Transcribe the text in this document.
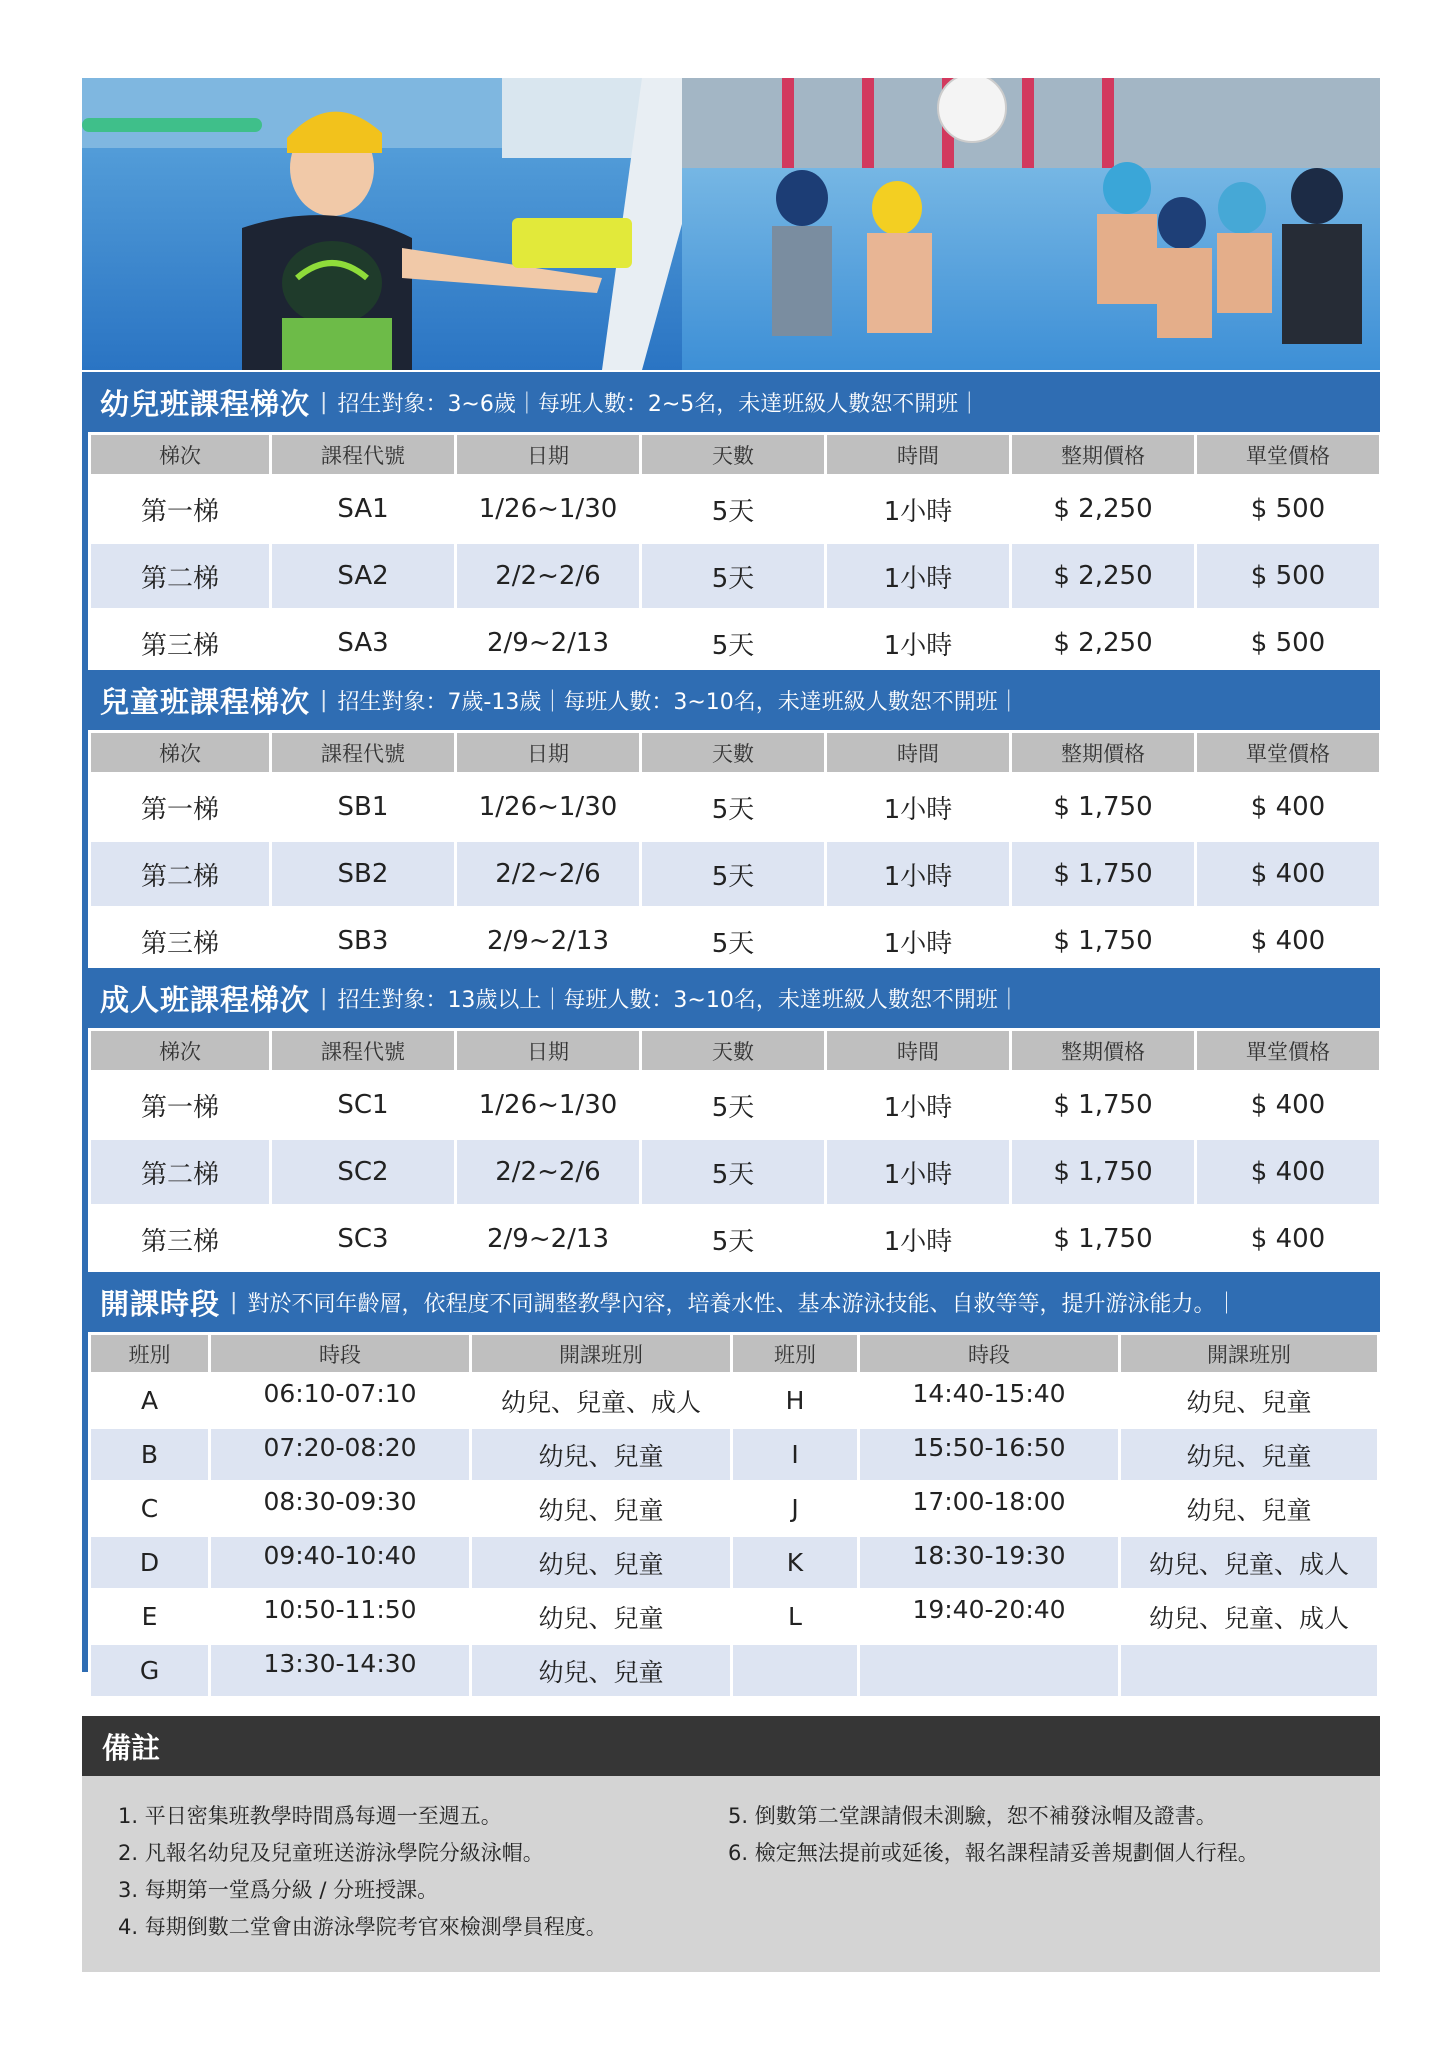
幼兒班課程梯次 | 招生對象：3~6歲｜每班人數：2~5名，未達班級人數恕不開班｜
梯次	課程代號	日期	天數	時間	整期價格	單堂價格
第一梯	SA1	1/26~1/30	5天	1小時	$ 2,250	$ 500
第二梯	SA2	2/2~2/6	5天	1小時	$ 2,250	$ 500
第三梯	SA3	2/9~2/13	5天	1小時	$ 2,250	$ 500
兒童班課程梯次 | 招生對象：7歲-13歲｜每班人數：3~10名，未達班級人數恕不開班｜
梯次	課程代號	日期	天數	時間	整期價格	單堂價格
第一梯	SB1	1/26~1/30	5天	1小時	$ 1,750	$ 400
第二梯	SB2	2/2~2/6	5天	1小時	$ 1,750	$ 400
第三梯	SB3	2/9~2/13	5天	1小時	$ 1,750	$ 400
成人班課程梯次 | 招生對象：13歲以上｜每班人數：3~10名，未達班級人數恕不開班｜
梯次	課程代號	日期	天數	時間	整期價格	單堂價格
第一梯	SC1	1/26~1/30	5天	1小時	$ 1,750	$ 400
第二梯	SC2	2/2~2/6	5天	1小時	$ 1,750	$ 400
第三梯	SC3	2/9~2/13	5天	1小時	$ 1,750	$ 400
開課時段 | 對於不同年齡層，依程度不同調整教學內容，培養水性、基本游泳技能、自救等等，提升游泳能力。｜
班別	時段	開課班別	班別	時段	開課班別
A	06:10-07:10	幼兒、兒童、成人	H	14:40-15:40	幼兒、兒童
B	07:20-08:20	幼兒、兒童	I	15:50-16:50	幼兒、兒童
C	08:30-09:30	幼兒、兒童	J	17:00-18:00	幼兒、兒童
D	09:40-10:40	幼兒、兒童	K	18:30-19:30	幼兒、兒童、成人
E	10:50-11:50	幼兒、兒童	L	19:40-20:40	幼兒、兒童、成人
G	13:30-14:30	幼兒、兒童			
備註
1. 平日密集班教學時間爲每週一至週五。
2. 凡報名幼兒及兒童班送游泳學院分級泳帽。
3. 每期第一堂爲分級 / 分班授課。
4. 每期倒數二堂會由游泳學院考官來檢測學員程度。
5. 倒數第二堂課請假未測驗，恕不補發泳帽及證書。
6. 檢定無法提前或延後，報名課程請妥善規劃個人行程。
